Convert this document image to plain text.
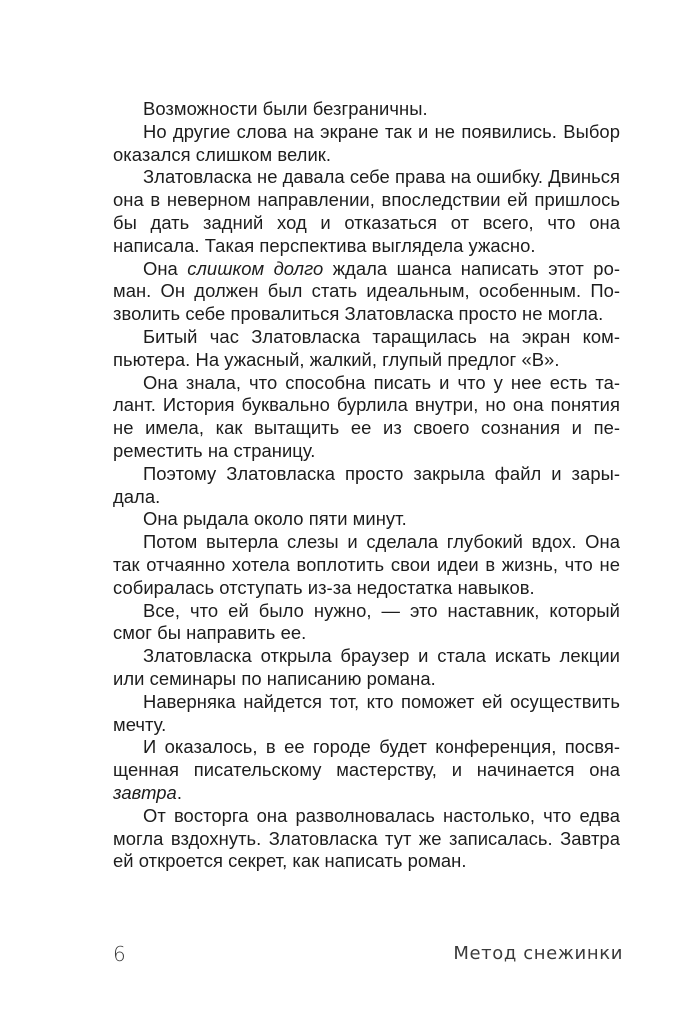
Возможности были безграничны.

Но другие слова на экране так и не появились. Выбор оказался слишком велик.

Златовласка не давала себе права на ошибку. Двинься она в неверном направлении, впоследствии ей пришлось бы дать задний ход и отказаться от всего, что она написала. Такая перспектива выглядела ужасно.

Она слишком долго ждала шанса написать этот роман. Он должен был стать идеальным, особенным. Позволить себе провалиться Златовласка просто не могла.

Битый час Златовласка таращилась на экран компьютера. На ужасный, жалкий, глупый предлог «В».

Она знала, что способна писать и что у нее есть талант. История буквально бурлила внутри, но она понятия не имела, как вытащить ее из своего сознания и переместить на страницу.

Поэтому Златовласка просто закрыла файл и зарыдала.

Она рыдала около пяти минут.

Потом вытерла слезы и сделала глубокий вдох. Она так отчаянно хотела воплотить свои идеи в жизнь, что не собиралась отступать из-за недостатка навыков.

Все, что ей было нужно, — это наставник, который смог бы направить ее.

Златовласка открыла браузер и стала искать лекции или семинары по написанию романа.

Наверняка найдется тот, кто поможет ей осуществить мечту.

И оказалось, в ее городе будет конференция, посвященная писательскому мастерству, и начинается она завтра.

От восторга она разволновалась настолько, что едва могла вздохнуть. Златовласка тут же записалась. Завтра ей откроется секрет, как написать роман.

6	Метод снежинки
